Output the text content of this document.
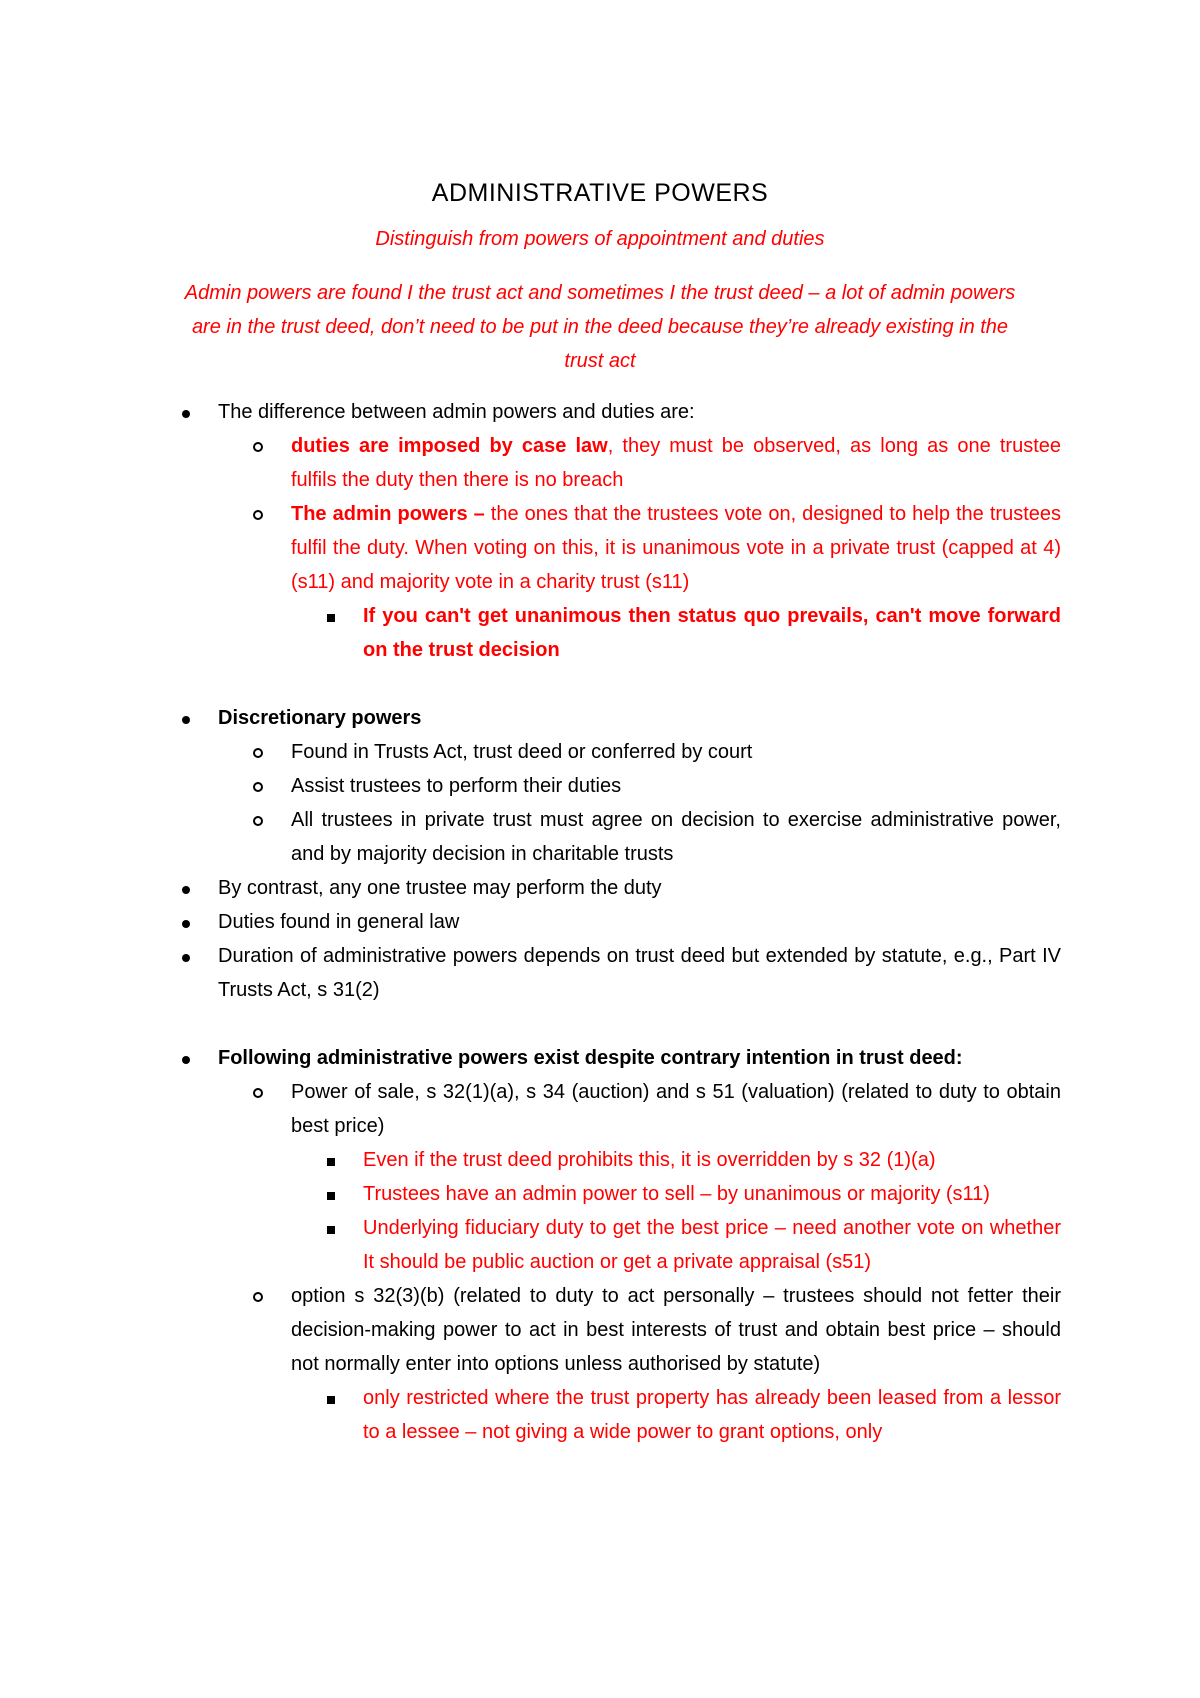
ADMINISTRATIVE POWERS
Distinguish from powers of appointment and duties

Admin powers are found I the trust act and sometimes I the trust deed – a lot of admin powers are in the trust deed, don’t need to be put in the deed because they’re already existing in the trust act

The difference between admin powers and duties are:
duties are imposed by case law, they must be observed, as long as one trustee fulfils the duty then there is no breach
The admin powers – the ones that the trustees vote on, designed to help the trustees fulfil the duty. When voting on this, it is unanimous vote in a private trust (capped at 4) (s11) and majority vote in a charity trust (s11)
If you can't get unanimous then status quo prevails, can't move forward on the trust decision
Discretionary powers
Found in Trusts Act, trust deed or conferred by court
Assist trustees to perform their duties
All trustees in private trust must agree on decision to exercise administrative power, and by majority decision in charitable trusts
By contrast, any one trustee may perform the duty
Duties found in general law
Duration of administrative powers depends on trust deed but extended by statute, e.g., Part IV Trusts Act, s 31(2)
Following administrative powers exist despite contrary intention in trust deed:
Power of sale, s 32(1)(a), s 34 (auction) and s 51 (valuation) (related to duty to obtain best price)
Even if the trust deed prohibits this, it is overridden by s 32 (1)(a)
Trustees have an admin power to sell – by unanimous or majority (s11)
Underlying fiduciary duty to get the best price – need another vote on whether It should be public auction or get a private appraisal (s51)
option s 32(3)(b) (related to duty to act personally – trustees should not fetter their decision-making power to act in best interests of trust and obtain best price – should not normally enter into options unless authorised by statute)
only restricted where the trust property has already been leased from a lessor to a lessee – not giving a wide power to grant options, only
